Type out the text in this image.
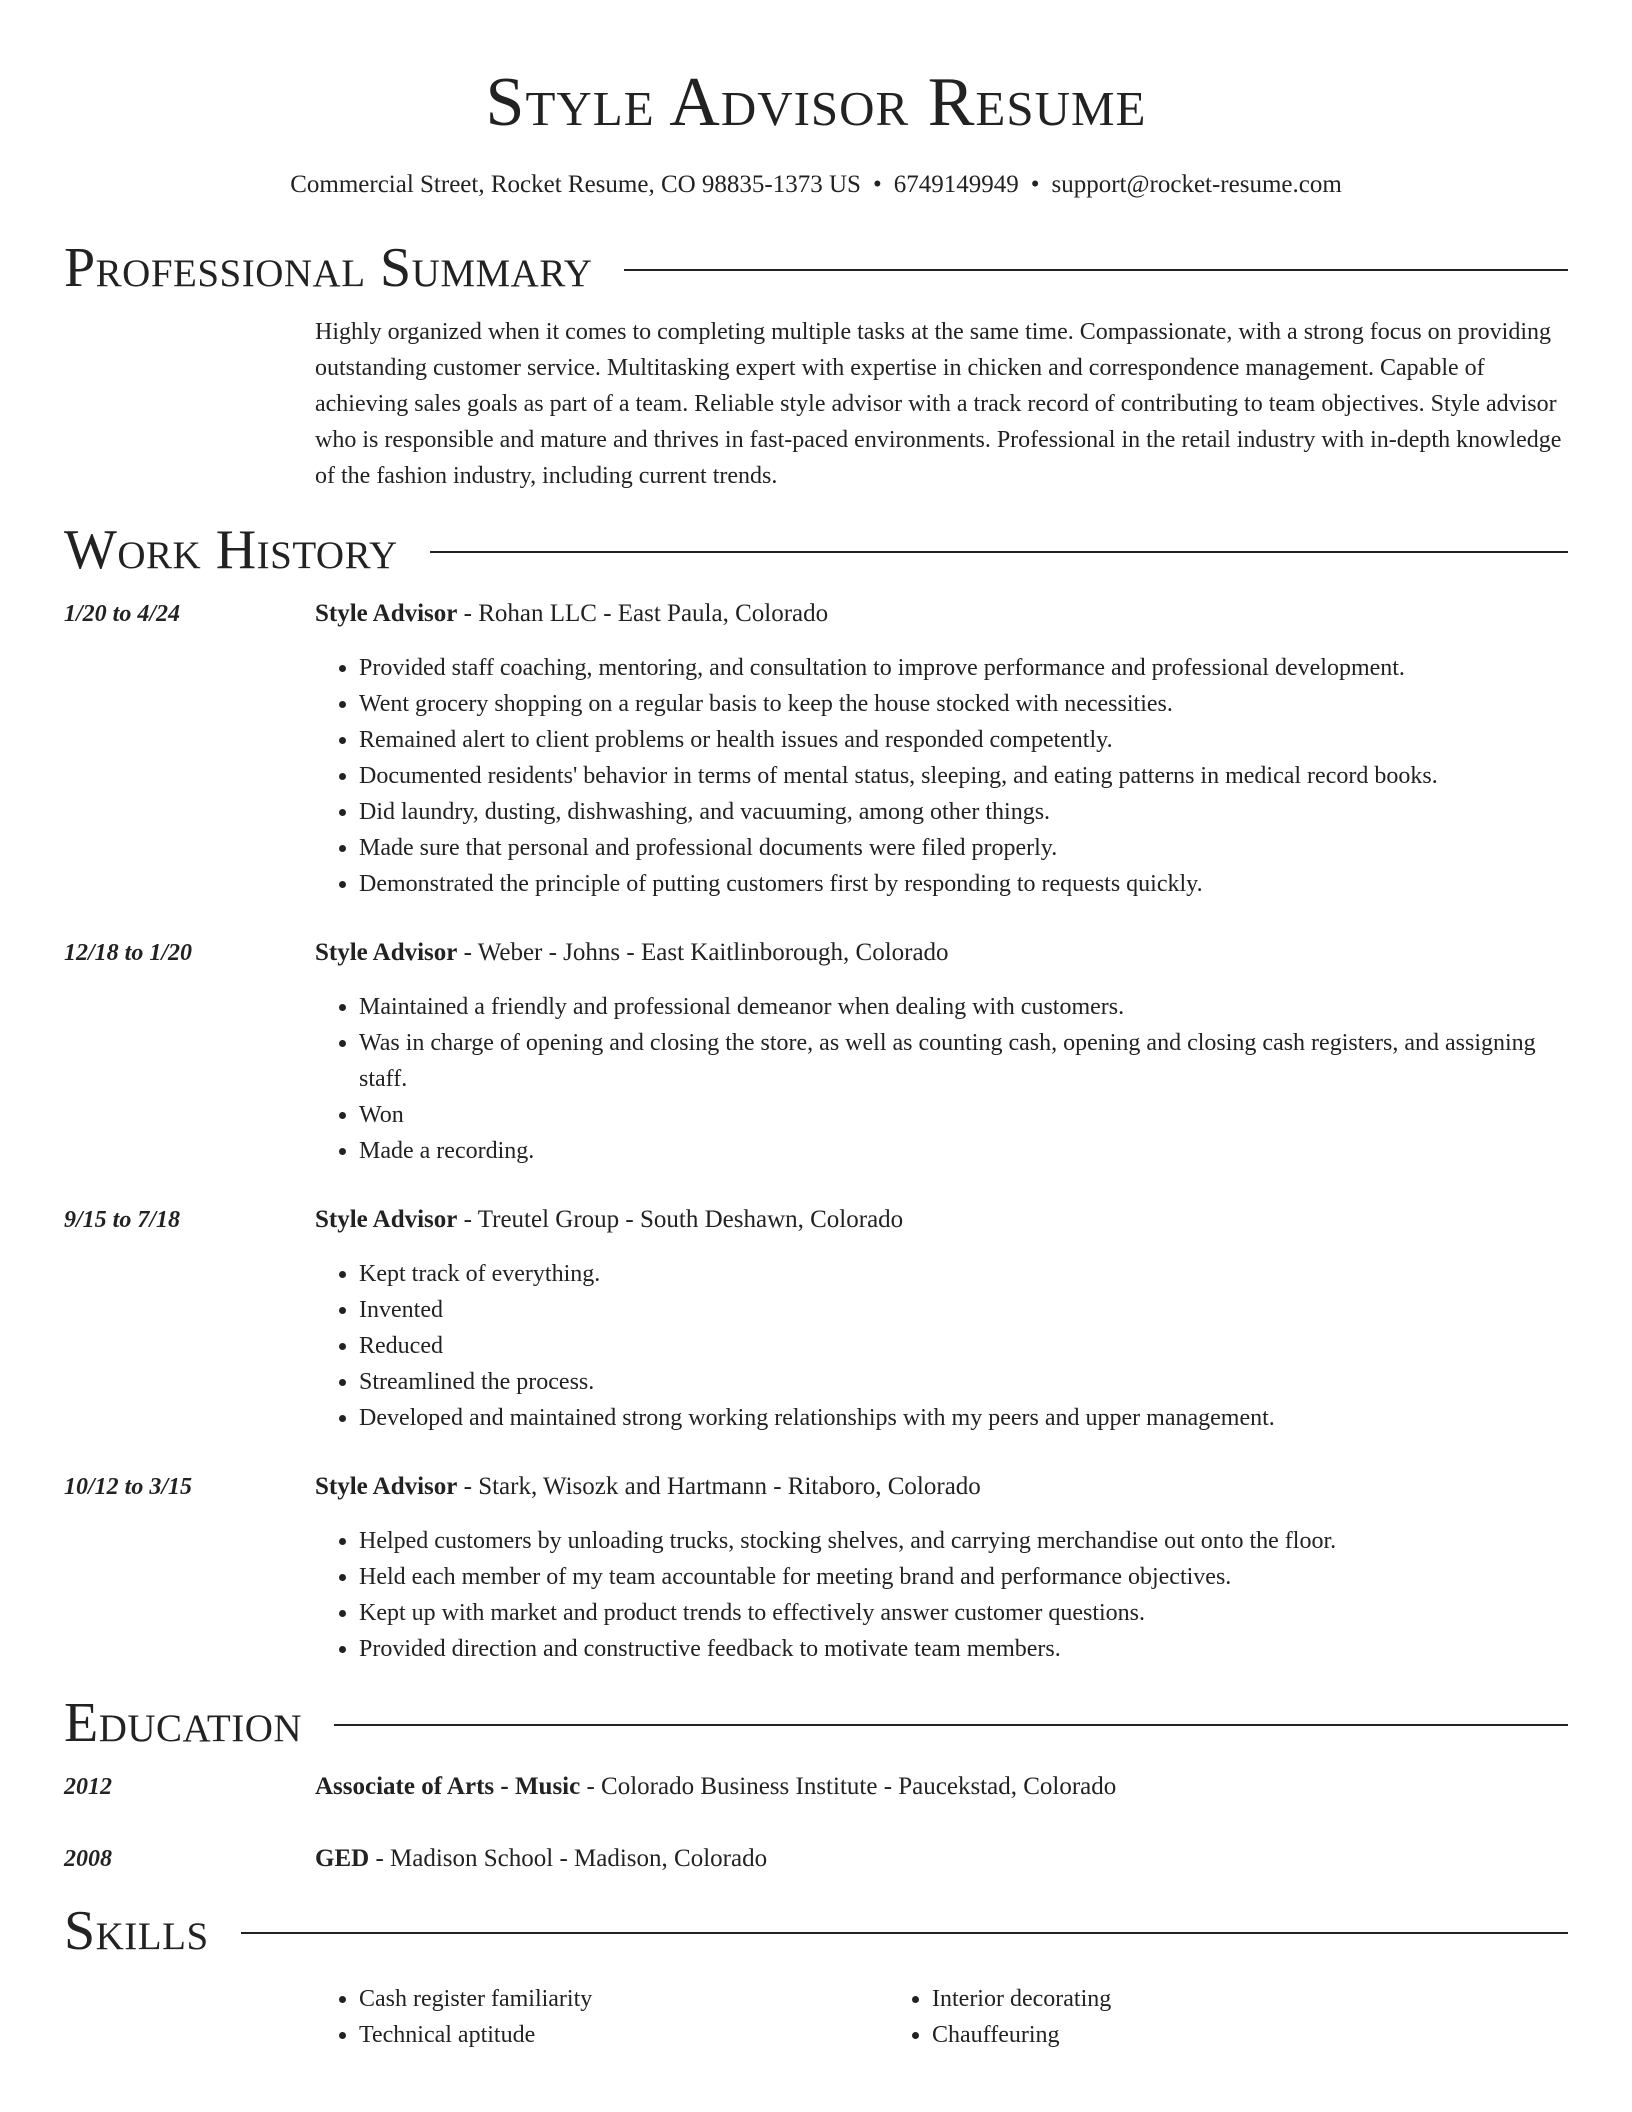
Style Advisor Resume
Commercial Street, Rocket Resume, CO 98835-1373 US • 6749149949 • support@rocket-resume.com
Professional Summary
Highly organized when it comes to completing multiple tasks at the same time. Compassionate, with a strong focus on providing outstanding customer service. Multitasking expert with expertise in chicken and correspondence management. Capable of achieving sales goals as part of a team. Reliable style advisor with a track record of contributing to team objectives. Style advisor who is responsible and mature and thrives in fast-paced environments. Professional in the retail industry with in-depth knowledge of the fashion industry, including current trends.
Work History
1/20 to 4/24	Style Advisor - Rohan LLC - East Paula, Colorado
• Provided staff coaching, mentoring, and consultation to improve performance and professional development.
• Went grocery shopping on a regular basis to keep the house stocked with necessities.
• Remained alert to client problems or health issues and responded competently.
• Documented residents' behavior in terms of mental status, sleeping, and eating patterns in medical record books.
• Did laundry, dusting, dishwashing, and vacuuming, among other things.
• Made sure that personal and professional documents were filed properly.
• Demonstrated the principle of putting customers first by responding to requests quickly.
12/18 to 1/20	Style Advisor - Weber - Johns - East Kaitlinborough, Colorado
• Maintained a friendly and professional demeanor when dealing with customers.
• Was in charge of opening and closing the store, as well as counting cash, opening and closing cash registers, and assigning staff.
• Won
• Made a recording.
9/15 to 7/18	Style Advisor - Treutel Group - South Deshawn, Colorado
• Kept track of everything.
• Invented
• Reduced
• Streamlined the process.
• Developed and maintained strong working relationships with my peers and upper management.
10/12 to 3/15	Style Advisor - Stark, Wisozk and Hartmann - Ritaboro, Colorado
• Helped customers by unloading trucks, stocking shelves, and carrying merchandise out onto the floor.
• Held each member of my team accountable for meeting brand and performance objectives.
• Kept up with market and product trends to effectively answer customer questions.
• Provided direction and constructive feedback to motivate team members.
Education
2012	Associate of Arts - Music - Colorado Business Institute - Paucekstad, Colorado
2008	GED - Madison School - Madison, Colorado
Skills
• Cash register familiarity
• Technical aptitude
• Interior decorating
• Chauffeuring
